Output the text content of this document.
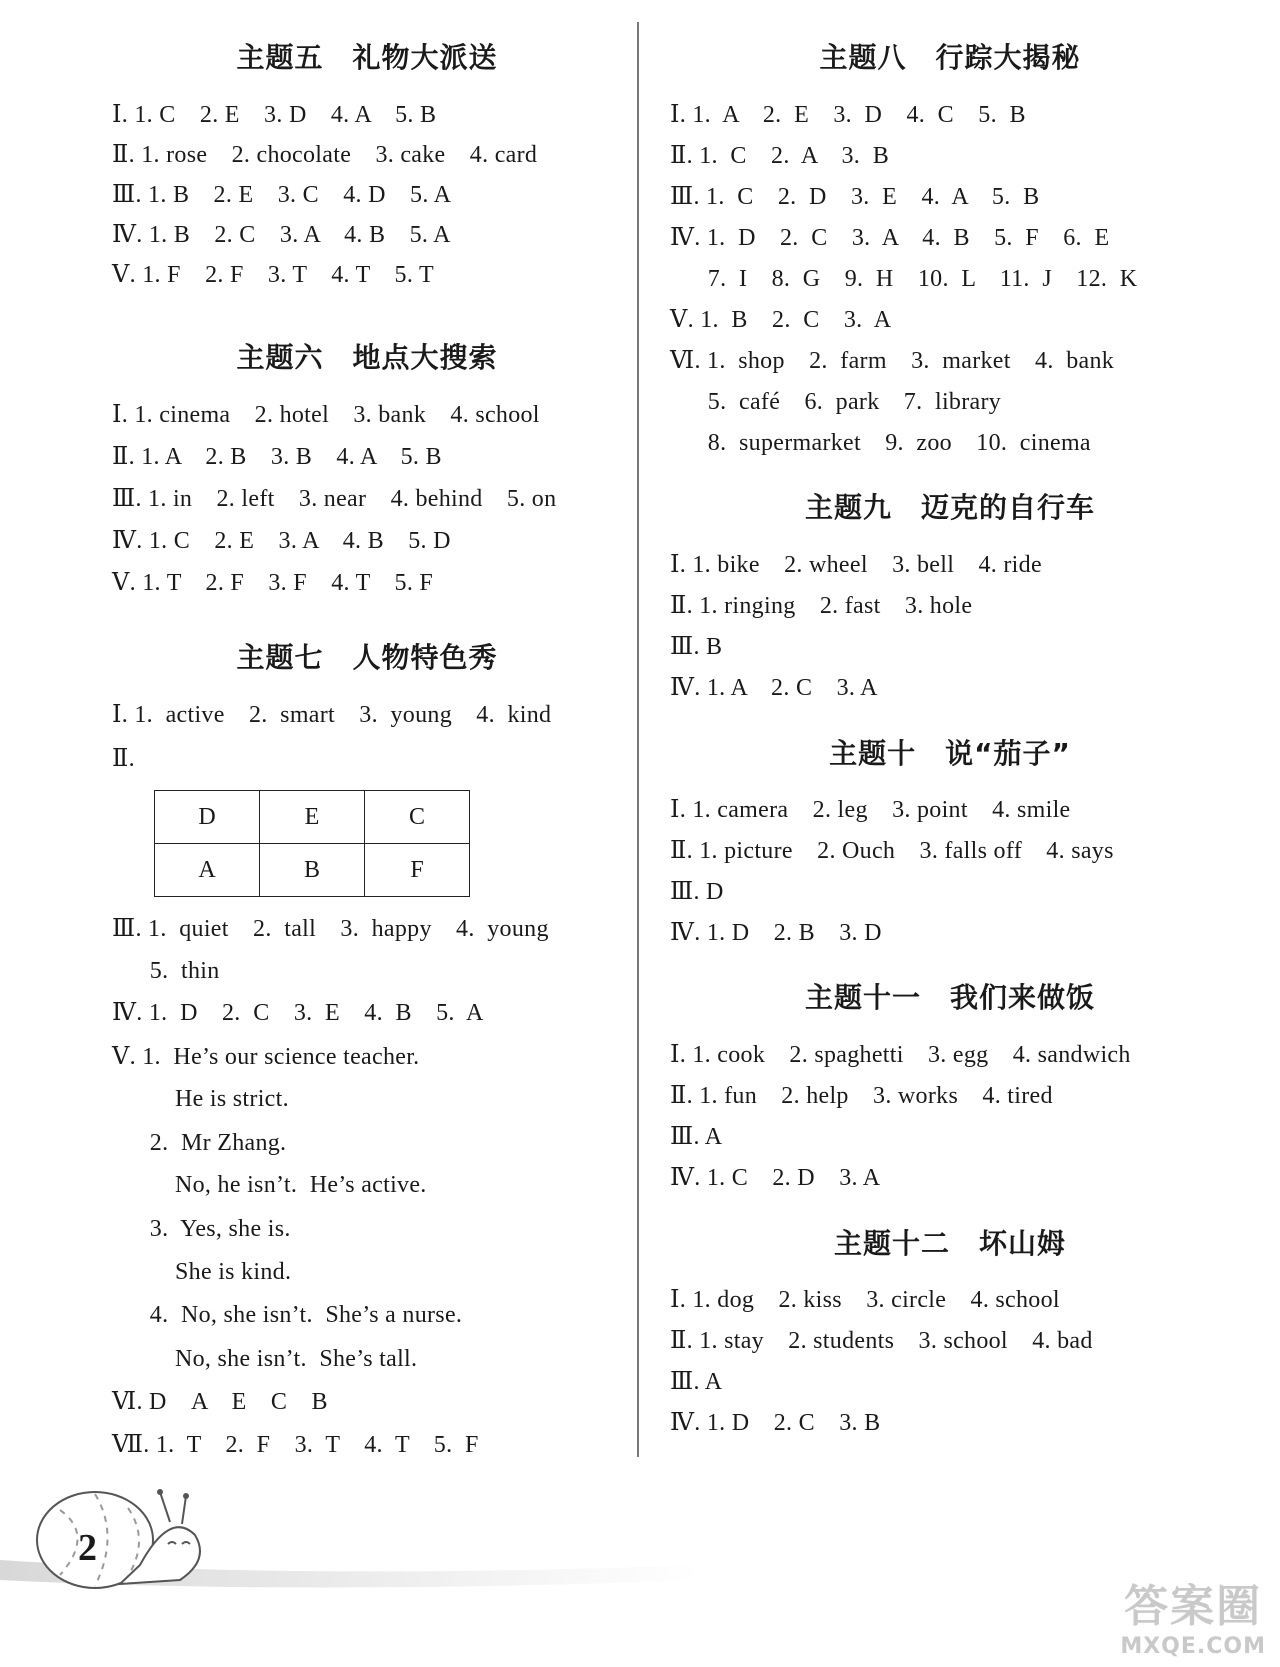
主题五　礼物大派送
Ⅰ. 1. C　2. E　3. D　4. A　5. B
Ⅱ. 1. rose　2. chocolate　3. cake　4. card
Ⅲ. 1. B　2. E　3. C　4. D　5. A
Ⅳ. 1. B　2. C　3. A　4. B　5. A
Ⅴ. 1. F　2. F　3. T　4. T　5. T
主题六　地点大搜索
Ⅰ. 1. cinema　2. hotel　3. bank　4. school
Ⅱ. 1. A　2. B　3. B　4. A　5. B
Ⅲ. 1. in　2. left　3. near　4. behind　5. on
Ⅳ. 1. C　2. E　3. A　4. B　5. D
Ⅴ. 1. T　2. F　3. F　4. T　5. F
主题七　人物特色秀
Ⅰ. 1.  active　2.  smart　3.  young　4.  kind
Ⅱ.
D	E	C
A	B	F
Ⅲ. 1.  quiet　2.  tall　3.  happy　4.  young
5.  thin
Ⅳ. 1.  D　2.  C　3.  E　4.  B　5.  A
Ⅴ. 1.  He’s our science teacher.
He is strict.
2.  Mr Zhang.
No, he isn’t.  He’s active.
3.  Yes, she is.
She is kind.
4.  No, she isn’t.  She’s a nurse.
No, she isn’t.  She’s tall.
Ⅵ. D　A　E　C　B
Ⅶ. 1.  T　2.  F　3.  T　4.  T　5.  F
主题八　行踪大揭秘
Ⅰ. 1.  A　2.  E　3.  D　4.  C　5.  B
Ⅱ. 1.  C　2.  A　3.  B
Ⅲ. 1.  C　2.  D　3.  E　4.  A　5.  B
Ⅳ. 1.  D　2.  C　3.  A　4.  B　5.  F　6.  E
7.  I　8.  G　9.  H　10.  L　11.  J　12.  K
Ⅴ. 1.  B　2.  C　3.  A
Ⅵ. 1.  shop　2.  farm　3.  market　4.  bank
5.  café　6.  park　7.  library
8.  supermarket　9.  zoo　10.  cinema
主题九　迈克的自行车
Ⅰ. 1. bike　2. wheel　3. bell　4. ride
Ⅱ. 1. ringing　2. fast　3. hole
Ⅲ. B
Ⅳ. 1. A　2. C　3. A
主题十　说“茄子”
Ⅰ. 1. camera　2. leg　3. point　4. smile
Ⅱ. 1. picture　2. Ouch　3. falls off　4. says
Ⅲ. D
Ⅳ. 1. D　2. B　3. D
主题十一　我们来做饭
Ⅰ. 1. cook　2. spaghetti　3. egg　4. sandwich
Ⅱ. 1. fun　2. help　3. works　4. tired
Ⅲ. A
Ⅳ. 1. C　2. D　3. A
主题十二　坏山姆
Ⅰ. 1. dog　2. kiss　3. circle　4. school
Ⅱ. 1. stay　2. students　3. school　4. bad
Ⅲ. A
Ⅳ. 1. D　2. C　3. B
2
答案圈
MXQE.COM
